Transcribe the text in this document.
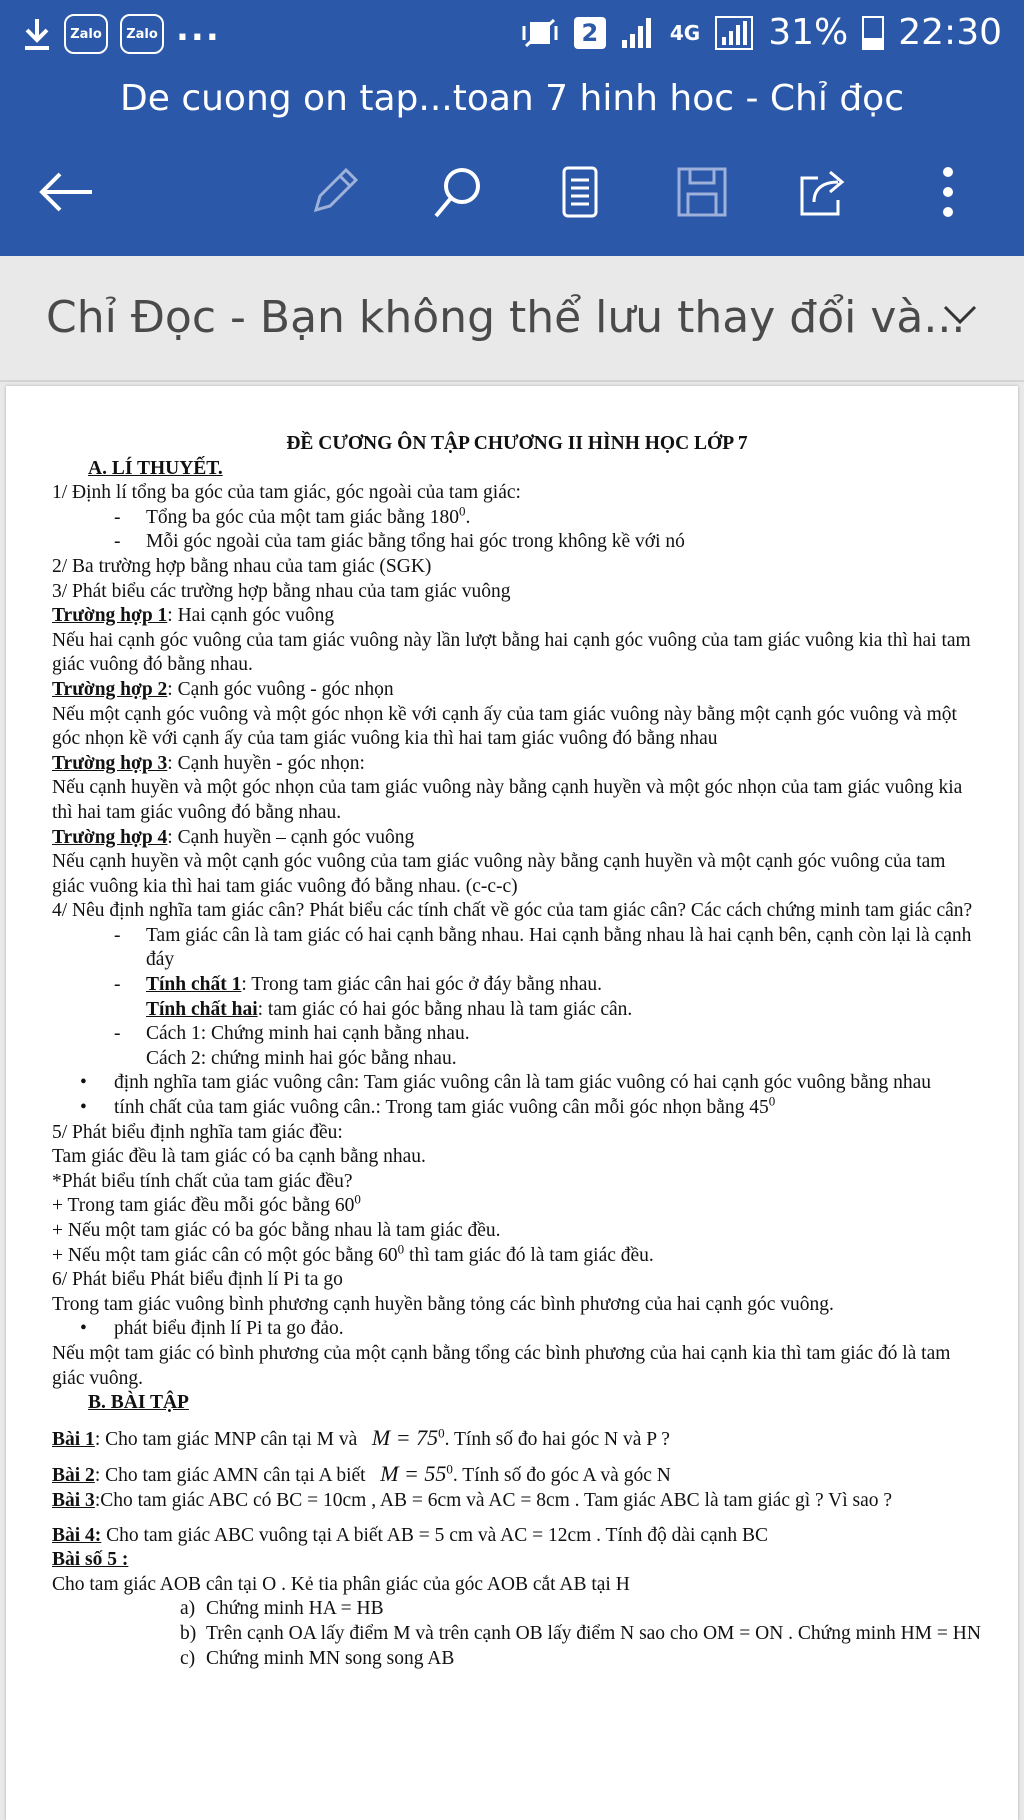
Zalo	Zalo ...	2	4G 31% 22:30
De cuong on tap...toan 7 hinh hoc - Chỉ đọc
Chỉ Đọc - Bạn không thể lưu thay đổi và...

ĐỀ CƯƠNG ÔN TẬP CHƯƠNG II HÌNH HỌC LỚP 7

A. LÍ THUYẾT.

1/ Định lí tổng ba góc của tam giác, góc ngoài của tam giác:

- Tổng ba góc của một tam giác bằng $180^0$.

- Mỗi góc ngoài của tam giác bằng tổng hai góc trong không kề với nó

2/ Ba trường hợp bằng nhau của tam giác (SGK)

3/ Phát biểu các trường hợp bằng nhau của tam giác vuông

Trường hợp 1: Hai cạnh góc vuông

Nếu hai cạnh góc vuông của tam giác vuông này lần lượt bằng hai cạnh góc vuông của tam giác vuông kia thì hai tam giác vuông đó bằng nhau.

Trường hợp 2: Cạnh góc vuông - góc nhọn

Nếu một cạnh góc vuông và một góc nhọn kề với cạnh ấy của tam giác vuông này bằng một cạnh góc vuông và một góc nhọn kề với cạnh ấy của tam giác vuông kia thì hai tam giác vuông đó bằng nhau

Trường hợp 3: Cạnh huyền - góc nhọn:

Nếu cạnh huyền và một góc nhọn của tam giác vuông này bằng cạnh huyền và một góc nhọn của tam giác vuông kia thì hai tam giác vuông đó bằng nhau.

Trường hợp 4: Cạnh huyền – cạnh góc vuông

Nếu cạnh huyền và một cạnh góc vuông của tam giác vuông này bằng cạnh huyền và một cạnh góc vuông của tam giác vuông kia thì hai tam giác vuông đó bằng nhau. (c-c-c)

4/ Nêu định nghĩa tam giác cân? Phát biểu các tính chất về góc của tam giác cân? Các cách chứng minh tam giác cân?

- Tam giác cân là tam giác có hai cạnh bằng nhau. Hai cạnh bằng nhau là hai cạnh bên, cạnh còn lại là cạnh đáy

- Tính chất 1: Trong tam giác cân hai góc ở đáy bằng nhau.

Tính chất hai: tam giác có hai góc bằng nhau là tam giác cân.

- Cách 1: Chứng minh hai cạnh bằng nhau.

Cách 2: chứng minh hai góc bằng nhau.

• định nghĩa tam giác vuông cân: Tam giác vuông cân là tam giác vuông có hai cạnh góc vuông bằng nhau

• tính chất của tam giác vuông cân.: Trong tam giác vuông cân mỗi góc nhọn bằng $45^0$

5/ Phát biểu định nghĩa tam giác đều:

Tam giác đều là tam giác có ba cạnh bằng nhau.

*Phát biểu tính chất của tam giác đều?

+ Trong tam giác đều mỗi góc bằng $60^0$

+ Nếu một tam giác có ba góc bằng nhau là tam giác đều.

+ Nếu một tam giác cân có một góc bằng $60^0$ thì tam giác đó là tam giác đều.

6/ Phát biểu Phát biểu định lí Pi ta go

Trong tam giác vuông bình phương cạnh huyền bằng tỏng các bình phương của hai cạnh góc vuông.

• phát biểu định lí Pi ta go đảo.

Nếu một tam giác có bình phương của một cạnh bằng tổng các bình phương của hai cạnh kia thì tam giác đó là tam giác vuông.

B. BÀI TẬP

Bài 1: Cho tam giác MNP cân tại M và $M = 75^0$. Tính số đo hai góc N và P ?

Bài 2: Cho tam giác AMN cân tại A biết $M = 55^0$. Tính số đo góc A và góc N

Bài 3:Cho tam giác ABC có BC = 10cm , AB = 6cm và AC = 8cm . Tam giác ABC là tam giác gì ? Vì sao ?

Bài 4: Cho tam giác ABC vuông tại A biết AB = 5 cm và AC = 12cm . Tính độ dài cạnh BC

Bài số 5 :

Cho tam giác AOB cân tại O . Kẻ tia phân giác của góc AOB cắt AB tại H

a) Chứng minh HA = HB

b) Trên cạnh OA lấy điểm M và trên cạnh OB lấy điểm N sao cho OM = ON . Chứng minh HM = HN

c) Chứng minh MN song song AB
